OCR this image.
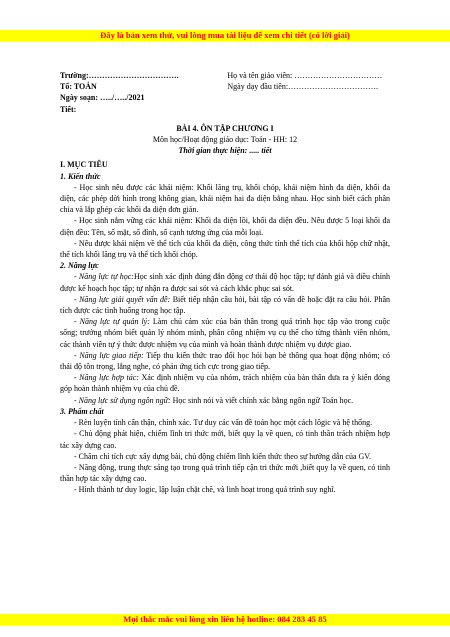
Đây là bản xem thử, vui lòng mua tài liệu để xem chi tiết (có lời giải)
Trường:…………………………….
Tổ: TOÁN
Ngày soạn: …../…../2021
Tiết:
Họ và tên giáo viên: ……………………………
Ngày dạy đầu tiên:…………………………….
BÀI 4. ÔN TẬP CHƯƠNG I
Môn học/Hoạt động giáo dục: Toán - HH: 12
Thời gian thực hiện: ..... tiết
I. MỤC TIÊU
1. Kiến thức

- Học sinh nêu được các khái niệm: Khối lăng trụ, khối chóp, khái niệm hình đa diện, khối đa diện, các phép dời hình trong không gian, khái niệm hai đa diện bằng nhau. Học sinh biết cách phân chia và lắp ghép các khối đa diện đơn giản.

- Học sinh nắm vững các khái niệm: Khối đa diện lồi, khối đa diện đều. Nêu được 5 loại khối đa diện đều: Tên, số mặt, số đỉnh, số cạnh tương ứng của mỗi loại.

- Nêu được khái niệm về thể tích của khối đa diện, công thức tính thể tích của khối hộp chữ nhật, thể tích khối lăng trụ và thể tích khối chóp.

2. Năng lực

- Năng lực tự học:Học sinh xác định đúng đắn động cơ thái độ học tập; tự đánh giá và điều chỉnh được kế hoạch học tập; tự nhận ra được sai sót và cách khắc phục sai sót.

- Năng lực giải quyết vấn đề: Biết tiếp nhận câu hỏi, bài tập có vấn đề hoặc đặt ra câu hỏi. Phân tích được các tình huống trong học tập.

- Năng lực tự quản lý: Làm chủ cảm xúc của bản thân trong quá trình học tập vào trong cuộc sống; trưởng nhóm biết quản lý nhóm mình, phân công nhiệm vụ cụ thể cho từng thành viên nhóm, các thành viên tự ý thức được nhiệm vụ của mình và hoàn thành được nhiệm vụ được giao.

- Năng lực giao tiếp: Tiếp thu kiến thức trao đổi học hỏi bạn bè thông qua hoạt động nhóm; có thái độ tôn trọng, lắng nghe, có phản ứng tích cực trong giao tiếp.

- Năng lực hợp tác: Xác định nhiệm vụ của nhóm, trách nhiệm của bản thân đưa ra ý kiến đóng góp hoàn thành nhiệm vụ của chủ đề.

- Năng lực sử dụng ngôn ngữ: Học sinh nói và viết chính xác bằng ngôn ngữ Toán học.

3. Phẩm chất

- Rèn luyện tính cẩn thận, chính xác. Tư duy các vấn đề toán học một cách lôgic và hệ thống.

- Chủ động phát hiện, chiếm lĩnh tri thức mới, biết quy lạ về quen, có tinh thần trách nhiệm hợp tác xây dựng cao.

- Chăm chỉ tích cực xây dựng bài, chủ động chiếm lĩnh kiến thức theo sự hướng dẫn của GV.

- Năng động, trung thực sáng tạo trong quá trình tiếp cận tri thức mới ,biết quy lạ về quen, có tinh thần hợp tác xây dựng cao.

- Hình thành tư duy logic, lập luận chặt chẽ, và linh hoạt trong quá trình suy nghĩ.

Mọi thắc mắc vui lòng xin liên hệ hotline: 084 283 45 85
